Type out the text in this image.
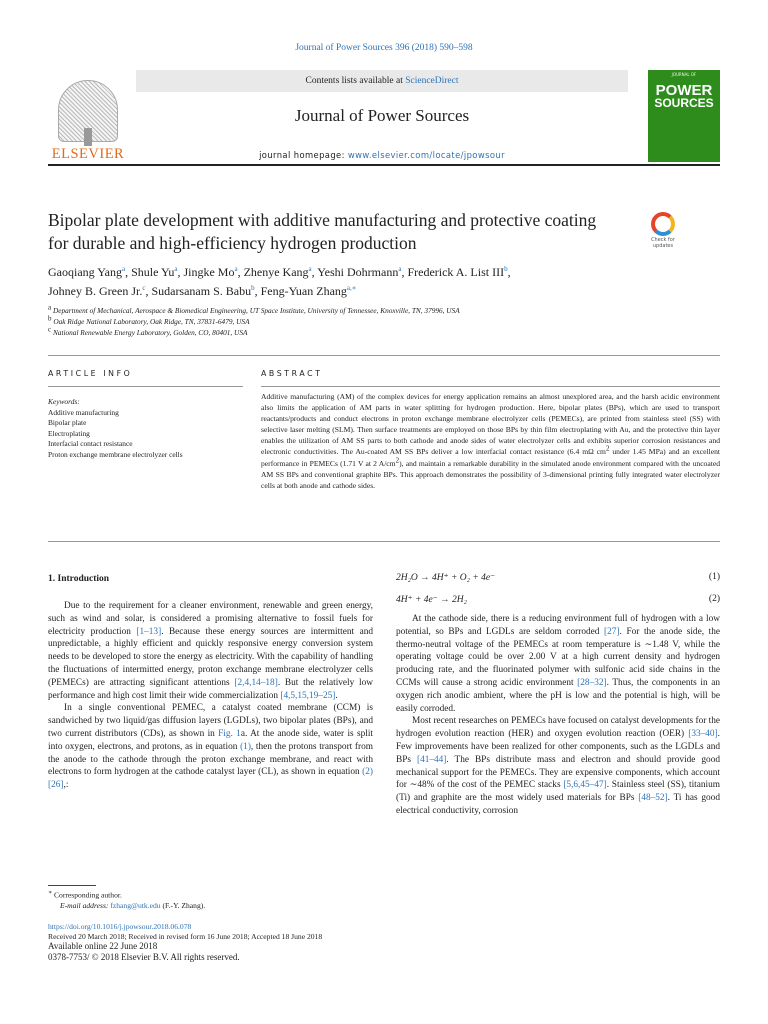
Journal of Power Sources 396 (2018) 590–598
ELSEVIER
Contents lists available at ScienceDirect
Journal of Power Sources
journal homepage: www.elsevier.com/locate/jpowsour
JOURNAL OF
POWER
SOURCES
Bipolar plate development with additive manufacturing and protective coating for durable and high-efficiency hydrogen production	Check for
updates
Gaoqiang Yang$^a$, Shule Yu$^a$, Jingke Mo$^a$, Zhenye Kang$^a$, Yeshi Dohrmann$^a$, Frederick A. List III$^b$,
Johney B. Green Jr.$^c$, Sudarsanam S. Babu$^b$, Feng-Yuan Zhang$^{a,∗}$
$^a$ Department of Mechanical, Aerospace & Biomedical Engineering, UT Space Institute, University of Tennessee, Knoxville, TN, 37996, USA
$^b$ Oak Ridge National Laboratory, Oak Ridge, TN, 37831-6479, USA
$^c$ National Renewable Energy Laboratory, Golden, CO, 80401, USA
ARTICLE INFO	ABSTRACT
Keywords:
Additive manufacturing
Bipolar plate
Electroplating
Interfacial contact resistance
Proton exchange membrane electrolyzer cells
Additive manufacturing (AM) of the complex devices for energy application remains an almost unexplored area, and the harsh acidic environment also limits the application of AM parts in water splitting for hydrogen production. Here, bipolar plates (BPs), which are used to transport reactants/products and conduct electrons in proton exchange membrane electrolyzer cells (PEMECs), are printed from stainless steel (SS) with selective laser melting (SLM). Then surface treatments are employed on those BPs by thin film electroplating with Au, and the protective thin layer enables the utilization of AM SS parts to both cathode and anode sides of water electrolyzer cells and exhibits superior corrosion resistances and electronic conductivities. The Au-coated AM SS BPs deliver a low interfacial contact resistance (6.4 mΩ $cm^2$ under 1.45 MPa) and an excellent performance in PEMECs (1.71 V at 2 $A/cm^2$), and maintain a remarkable durability in the simulated anode environment compared with the uncoated AM SS BPs and conventional graphite BPs. This approach demonstrates the possibility of 3-dimensional printing fully integrated water electrolyzer cells at both anode and cathode sides.
1. Introduction

Due to the requirement for a cleaner environment, renewable and green energy, such as wind and solar, is considered a promising alternative to fossil fuels for electricity production [1–13]. Because these energy sources are intermittent and unpredictable, a highly efficient and quickly responsive energy conversion system needs to be developed to store the energy as electricity. With the capability of handling the fluctuations of intermitted energy, proton exchange membrane electrolyzer cells (PEMECs) are attracting significant attentions [2,4,14–18]. But the relatively low performance and high cost limit their wide commercialization [4,5,15,19–25].

In a single conventional PEMEC, a catalyst coated membrane (CCM) is sandwiched by two liquid/gas diffusion layers (LGDLs), two bipolar plates (BPs), and two current distributors (CDs), as shown in Fig. 1a. At the anode side, water is split into oxygen, electrons, and protons, as in equation (1), then the protons transport from the anode to the cathode through the proton exchange membrane, and react with electrons to form hydrogen at the cathode catalyst layer (CL), as shown in equation (2) [26],:

2H₂O → 4H⁺ + O₂ + 4e⁻	(1)
4H⁺ + 4e⁻ → 2H₂	(2)

At the cathode side, there is a reducing environment full of hydrogen with a low potential, so BPs and LGDLs are seldom corroded [27]. For the anode side, the thermo-neutral voltage of the PEMECs at room temperature is ∼1.48 V, while the operating voltage could be over 2.00 V at a high current density and hydrogen producing rate, and the fluorinated polymer with sulfonic acid side chains in the CCMs will cause a strong acidic environment [28–32]. Thus, the components in an oxygen rich anodic ambient, where the pH is low and the potential is high, will be easily corroded.

Most recent researches on PEMECs have focused on catalyst developments for the hydrogen evolution reaction (HER) and oxygen evolution reaction (OER) [33–40]. Few improvements have been realized for other components, such as the LGDLs and BPs [41–44]. The BPs distribute mass and electron and should provide good mechanical support for the PEMECs. They are expensive components, which account for ∼48% of the cost of the PEMEC stacks [5,6,45–47]. Stainless steel (SS), titanium (Ti) and graphite are the most widely used materials for BPs [48–52]. Ti has good electrical conductivity, corrosion

∗ Corresponding author.
E-mail address: fzhang@utk.edu (F.-Y. Zhang).
https://doi.org/10.1016/j.jpowsour.2018.06.078
Received 20 March 2018; Received in revised form 16 June 2018; Accepted 18 June 2018
Available online 22 June 2018
0378-7753/ © 2018 Elsevier B.V. All rights reserved.
